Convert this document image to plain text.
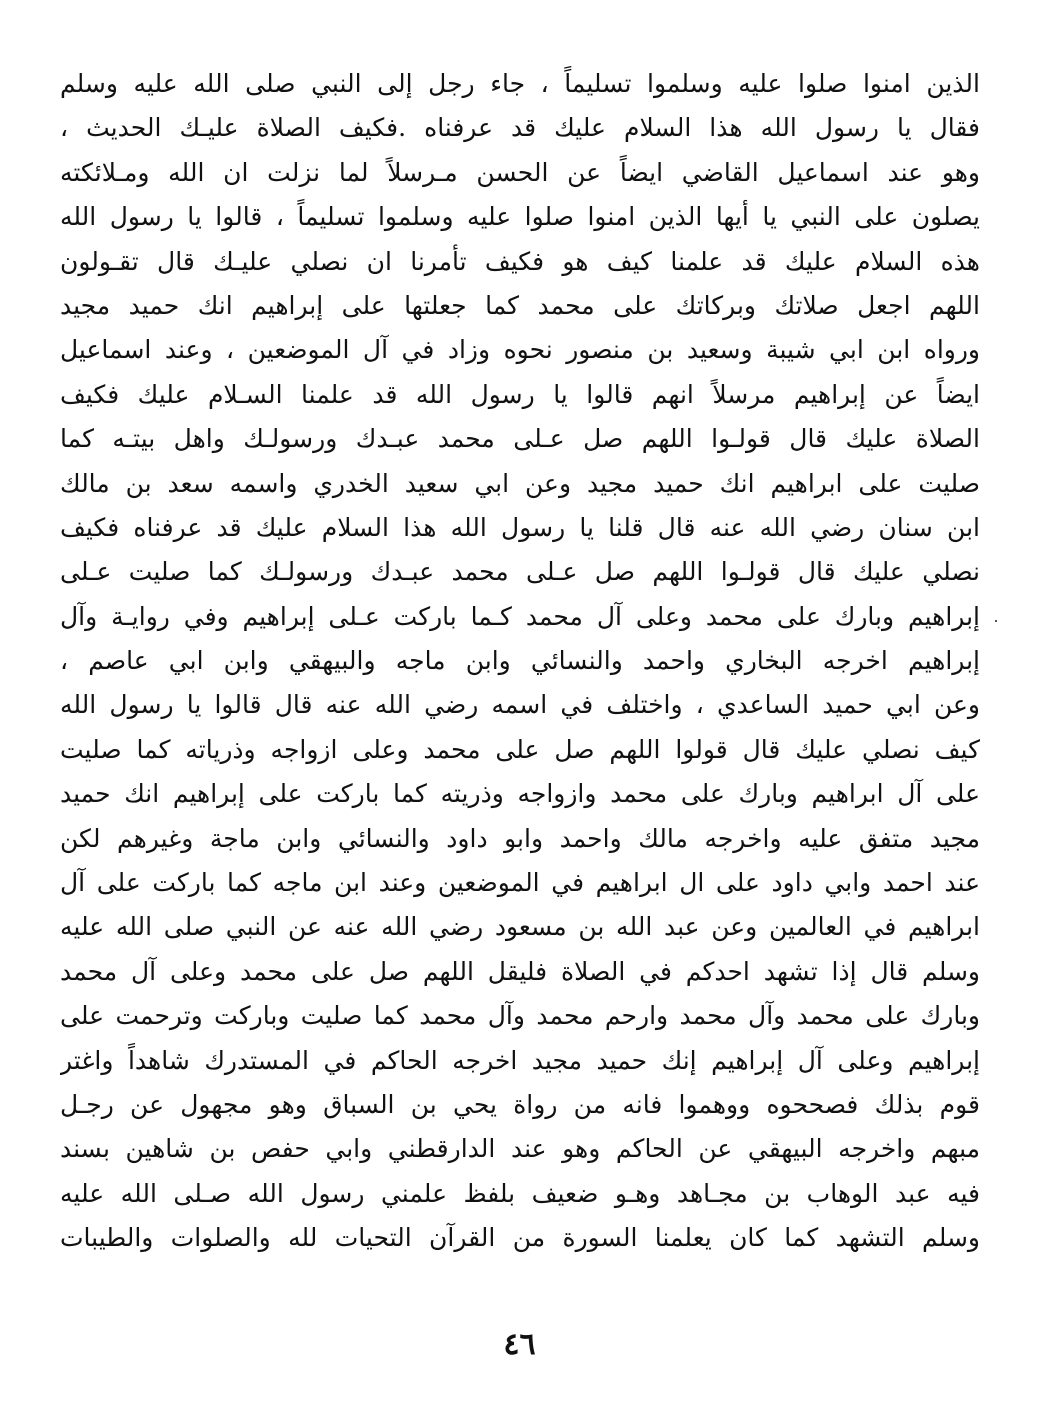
الذين امنوا صلوا عليه وسلموا تسليماً ، جاء رجل إلى النبي صلى الله عليه وسلم
فقال يا رسول الله هذا السلام عليك قد عرفناه .فكيف الصلاة عليـك الحديث ،
وهو عند اسماعيل القاضي ايضاً عن الحسن مـرسلاً لما نزلت ان الله ومـلائكته
يصلون على النبي يا أيها الذين امنوا صلوا عليه وسلموا تسليماً ، قالوا يا رسول الله
هذه السلام عليك قد علمنا كيف هو فكيف تأمرنا ان نصلي عليـك قال تقـولون
اللهم اجعل صلاتك وبركاتك على محمد كما جعلتها على إبراهيم انك حميد مجيد
ورواه ابن ابي شيبة وسعيد بن منصور نحوه وزاد في آل الموضعين ، وعند اسماعيل
ايضاً عن إبراهيم مرسلاً انهم قالوا يا رسول الله قد علمنا السـلام عليك فكيف
الصلاة عليك قال قولـوا اللهم صل عـلى محمد عبـدك ورسولـك واهل بيتـه كما
صليت على ابراهيم انك حميد مجيد وعن ابي سعيد الخدري واسمه سعد بن مالك
ابن سنان رضي الله عنه قال قلنا يا رسول الله هذا السلام عليك قد عرفناه فكيف
نصلي عليك قال قولـوا اللهم صل عـلى محمد عبـدك ورسولـك كما صليت عـلى
إبراهيم وبارك على محمد وعلى آل محمد كـما باركت عـلى إبراهيم وفي روايـة وآل
إبراهيم اخرجه البخاري واحمد والنسائي وابن ماجه والبيهقي وابن ابي عاصم ،
وعن ابي حميد الساعدي ، واختلف في اسمه رضي الله عنه قال قالوا يا رسول الله
كيف نصلي عليك قال قولوا اللهم صل على محمد وعلى ازواجه وذرياته كما صليت
على آل ابراهيم وبارك على محمد وازواجه وذريته كما باركت على إبراهيم انك حميد
مجيد متفق عليه واخرجه مالك واحمد وابو داود والنسائي وابن ماجة وغيرهم لكن
عند احمد وابي داود على ال ابراهيم في الموضعين وعند ابن ماجه كما باركت على آل
ابراهيم في العالمين وعن عبد الله بن مسعود رضي الله عنه عن النبي صلى الله عليه
وسلم قال إذا تشهد احدكم في الصلاة فليقل اللهم صل على محمد وعلى آل محمد
وبارك على محمد وآل محمد وارحم محمد وآل محمد كما صليت وباركت وترحمت على
إبراهيم وعلى آل إبراهيم إنك حميد مجيد اخرجه الحاكم في المستدرك شاهداً واغتر
قوم بذلك فصححوه ووهموا فانه من رواة يحي بن السباق وهو مجهول عن رجـل
مبهم واخرجه البيهقي عن الحاكم وهو عند الدارقطني وابي حفص بن شاهين بسند
فيه عبد الوهاب بن مجـاهد وهـو ضعيف بلفظ علمني رسول الله صـلى الله عليه
وسلم التشهد كما كان يعلمنا السورة من القرآن التحيات لله والصلوات والطيبات
٤٦
